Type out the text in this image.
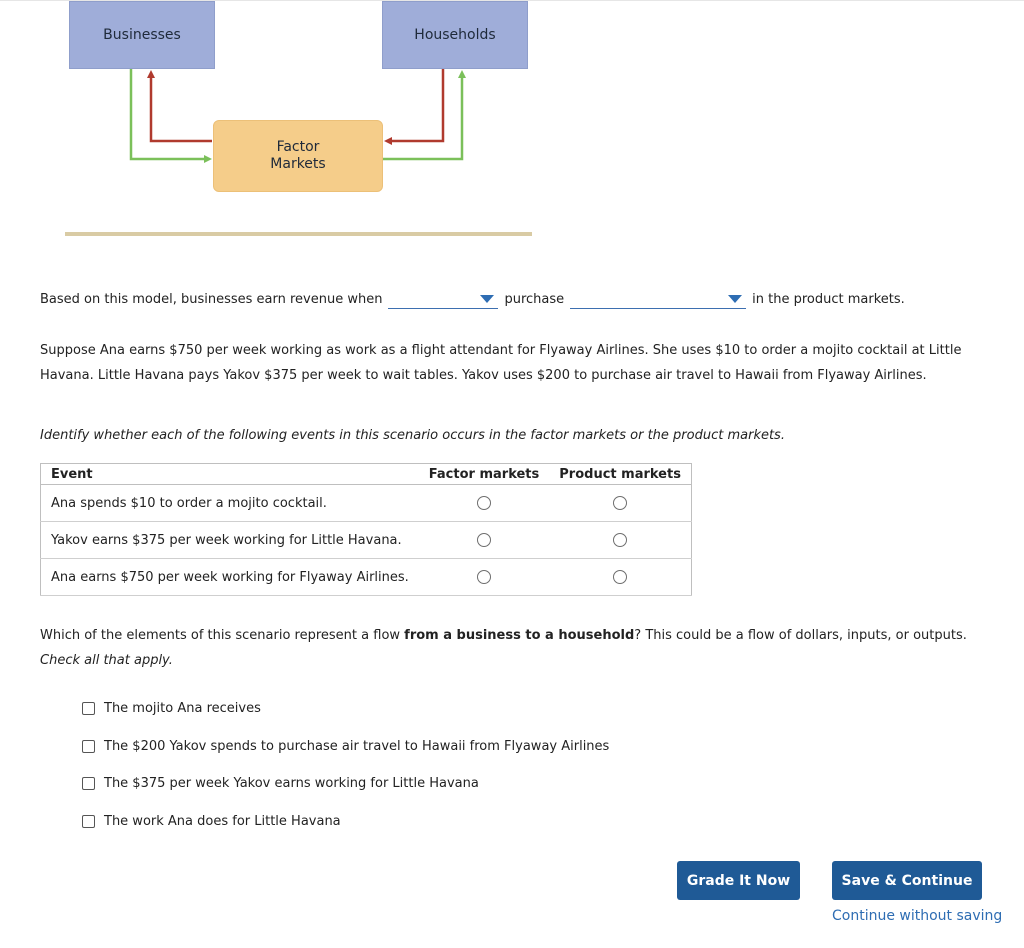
Businesses	Households
Factor Markets
Based on this model, businesses earn revenue when	purchase	in the product markets.
Suppose Ana earns $750 per week working as work as a flight attendant for Flyaway Airlines. She uses $10 to order a mojito cocktail at Little Havana. Little Havana pays Yakov $375 per week to wait tables. Yakov uses $200 to purchase air travel to Hawaii from Flyaway Airlines.
Identify whether each of the following events in this scenario occurs in the factor markets or the product markets.
Event	Factor markets	Product markets
Ana spends $10 to order a mojito cocktail.		
Yakov earns $375 per week working for Little Havana.		
Ana earns $750 per week working for Flyaway Airlines.		
Which of the elements of this scenario represent a flow from a business to a household? This could be a flow of dollars, inputs, or outputs. Check all that apply.
The mojito Ana receives
The $200 Yakov spends to purchase air travel to Hawaii from Flyaway Airlines
The $375 per week Yakov earns working for Little Havana
The work Ana does for Little Havana
Grade It Now	Save & Continue
Continue without saving
